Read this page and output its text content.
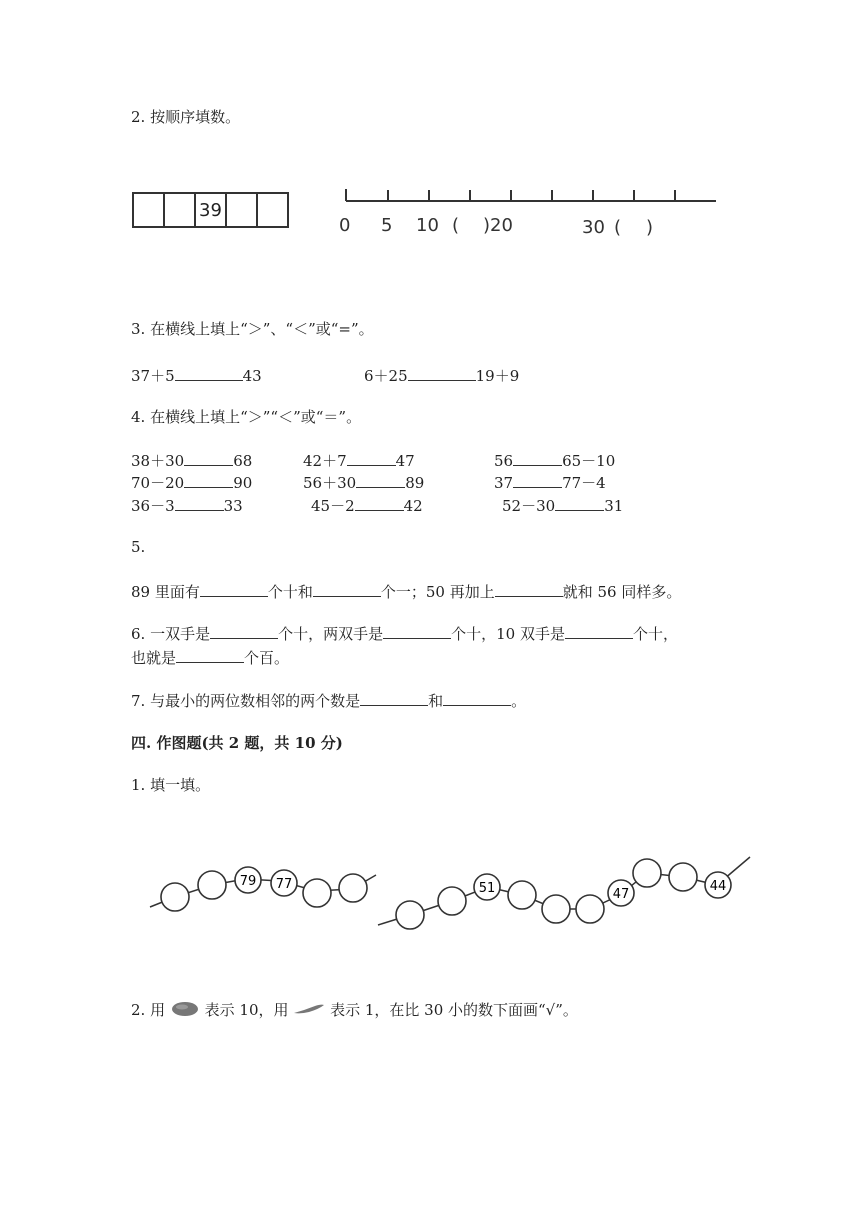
2. 按顺序填数。
39
0 5 10 ( )20	30 ( )
3. 在横线上填上“＞”、“＜”或“=”。
37＋5	43	6＋25	19＋9
4. 在横线上填上“＞”“＜”或“＝”。
38＋30	68	42＋7	47	56	65－10
70－20	90	56＋30	89	37	77－4
36－3	33	45－2	42	52－30	31
5.
89 里面有	个十和	个一；50 再加上	就和 56 同样多。
6. 一双手是	个十，两双手是	个十，10 双手是	个十，
也就是	个百。
7. 与最小的两位数相邻的两个数是	和	。
四. 作图题(共 2 题，共 10 分)
1. 填一填。
79 77	51	47
44
2. 用	表示 10，用	表示 1，在比 30 小的数下面画“√”。
